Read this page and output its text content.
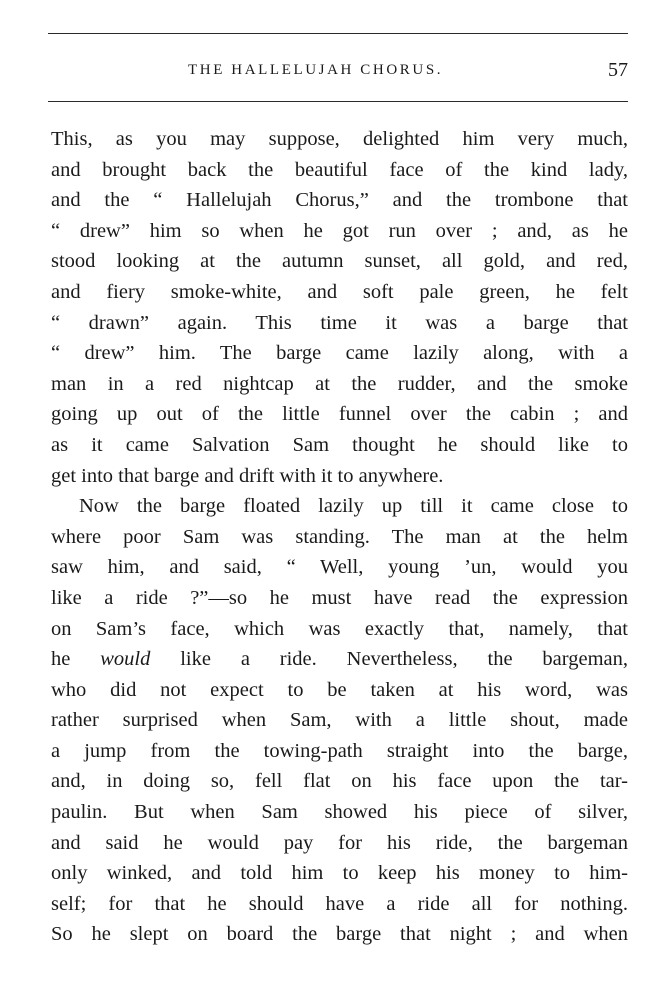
THE HALLELUJAH CHORUS.	57
This, as you may suppose, delighted him very much,
and brought back the beautiful face of the kind lady,
and the “ Hallelujah Chorus,” and the trombone that
“ drew” him so when he got run over ; and, as he
stood looking at the autumn sunset, all gold, and red,
and fiery smoke-white, and soft pale green, he felt
“ drawn” again. This time it was a barge that
“ drew” him. The barge came lazily along, with a
man in a red nightcap at the rudder, and the smoke
going up out of the little funnel over the cabin ; and
as it came Salvation Sam thought he should like to
get into that barge and drift with it to anywhere.
Now the barge floated lazily up till it came close to
where poor Sam was standing. The man at the helm
saw him, and said, “ Well, young ’un, would you
like a ride ?”—so he must have read the expression
on Sam’s face, which was exactly that, namely, that
he would like a ride. Nevertheless, the bargeman,
who did not expect to be taken at his word, was
rather surprised when Sam, with a little shout, made
a jump from the towing-path straight into the barge,
and, in doing so, fell flat on his face upon the tar-
paulin. But when Sam showed his piece of silver,
and said he would pay for his ride, the bargeman
only winked, and told him to keep his money to him-
self; for that he should have a ride all for nothing.
So he slept on board the barge that night ; and when
